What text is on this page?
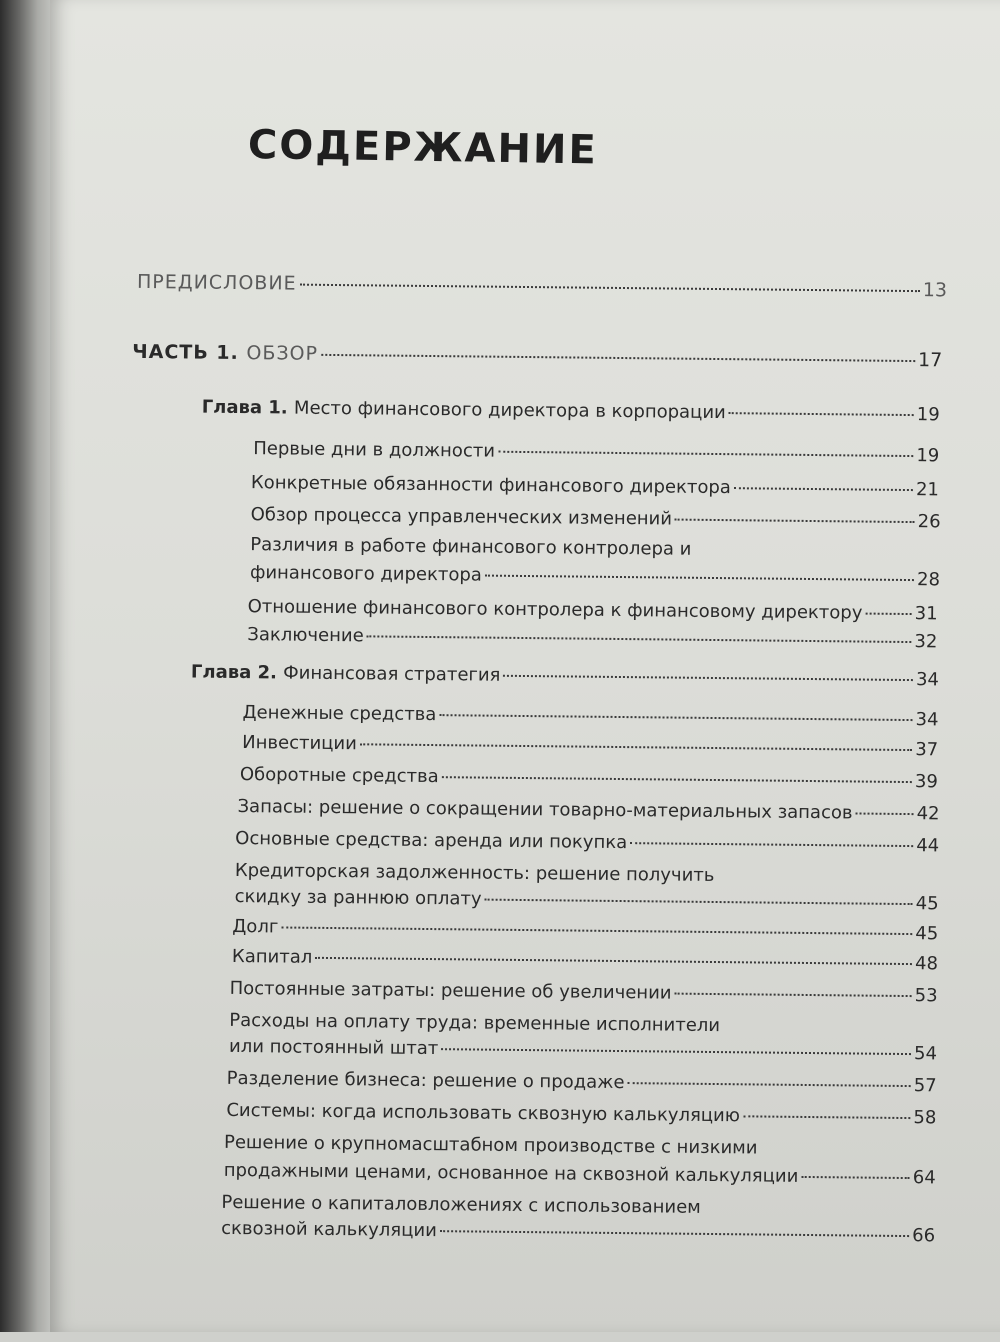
СОДЕРЖАНИЕ
ПРЕДИСЛОВИЕ	13
ЧАСТЬ 1. ОБЗОР	17
Глава 1. Место финансового директора в корпорации	19
Первые дни в должности	19
Конкретные обязанности финансового директора	21
Обзор процесса управленческих изменений	26
Различия в работе финансового контролера и
финансового директора	28
Отношение финансового контролера к финансовому директору	31
Заключение	32
Глава 2. Финансовая стратегия	34
Денежные средства	34
Инвестиции	37
Оборотные средства	39
Запасы: решение о сокращении товарно-материальных запасов	42
Основные средства: аренда или покупка	44
Кредиторская задолженность: решение получить
скидку за раннюю оплату	45
Долг	45
Капитал	48
Постоянные затраты: решение об увеличении	53
Расходы на оплату труда: временные исполнители
или постоянный штат	54
Разделение бизнеса: решение о продаже	57
Системы: когда использовать сквозную калькуляцию	58
Решение о крупномасштабном производстве с низкими
продажными ценами, основанное на сквозной калькуляции	64
Решение о капиталовложениях с использованием
сквозной калькуляции	66
